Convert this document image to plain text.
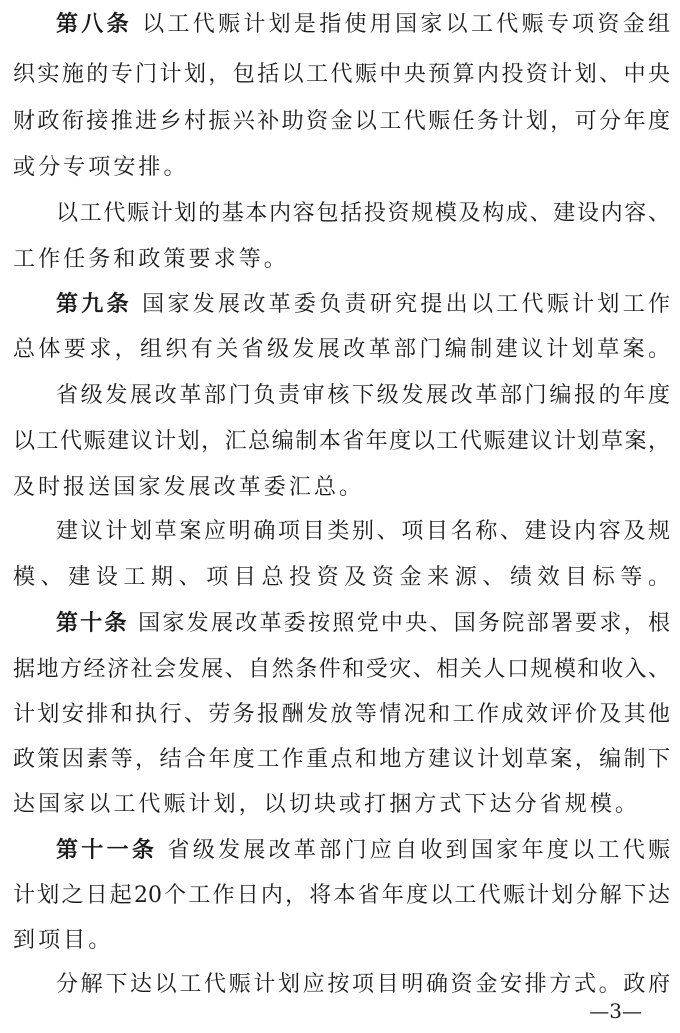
第八条 以工代赈计划是指使用国家以工代赈专项资金组
织实施的专门计划，包括以工代赈中央预算内投资计划、中央
财政衔接推进乡村振兴补助资金以工代赈任务计划，可分年度
或分专项安排。
以工代赈计划的基本内容包括投资规模及构成、建设内容、
工作任务和政策要求等。
第九条 国家发展改革委负责研究提出以工代赈计划工作
总体要求，组织有关省级发展改革部门编制建议计划草案。
省级发展改革部门负责审核下级发展改革部门编报的年度
以工代赈建议计划，汇总编制本省年度以工代赈建议计划草案，
及时报送国家发展改革委汇总。
建议计划草案应明确项目类别、项目名称、建设内容及规
模、建设工期、项目总投资及资金来源、绩效目标等。
第十条 国家发展改革委按照党中央、国务院部署要求，根
据地方经济社会发展、自然条件和受灾、相关人口规模和收入、
计划安排和执行、劳务报酬发放等情况和工作成效评价及其他
政策因素等，结合年度工作重点和地方建议计划草案，编制下
达国家以工代赈计划，以切块或打捆方式下达分省规模。
第十一条 省级发展改革部门应自收到国家年度以工代赈
计划之日起20个工作日内，将本省年度以工代赈计划分解下达
到项目。
分解下达以工代赈计划应按项目明确资金安排方式。政府
—3—
